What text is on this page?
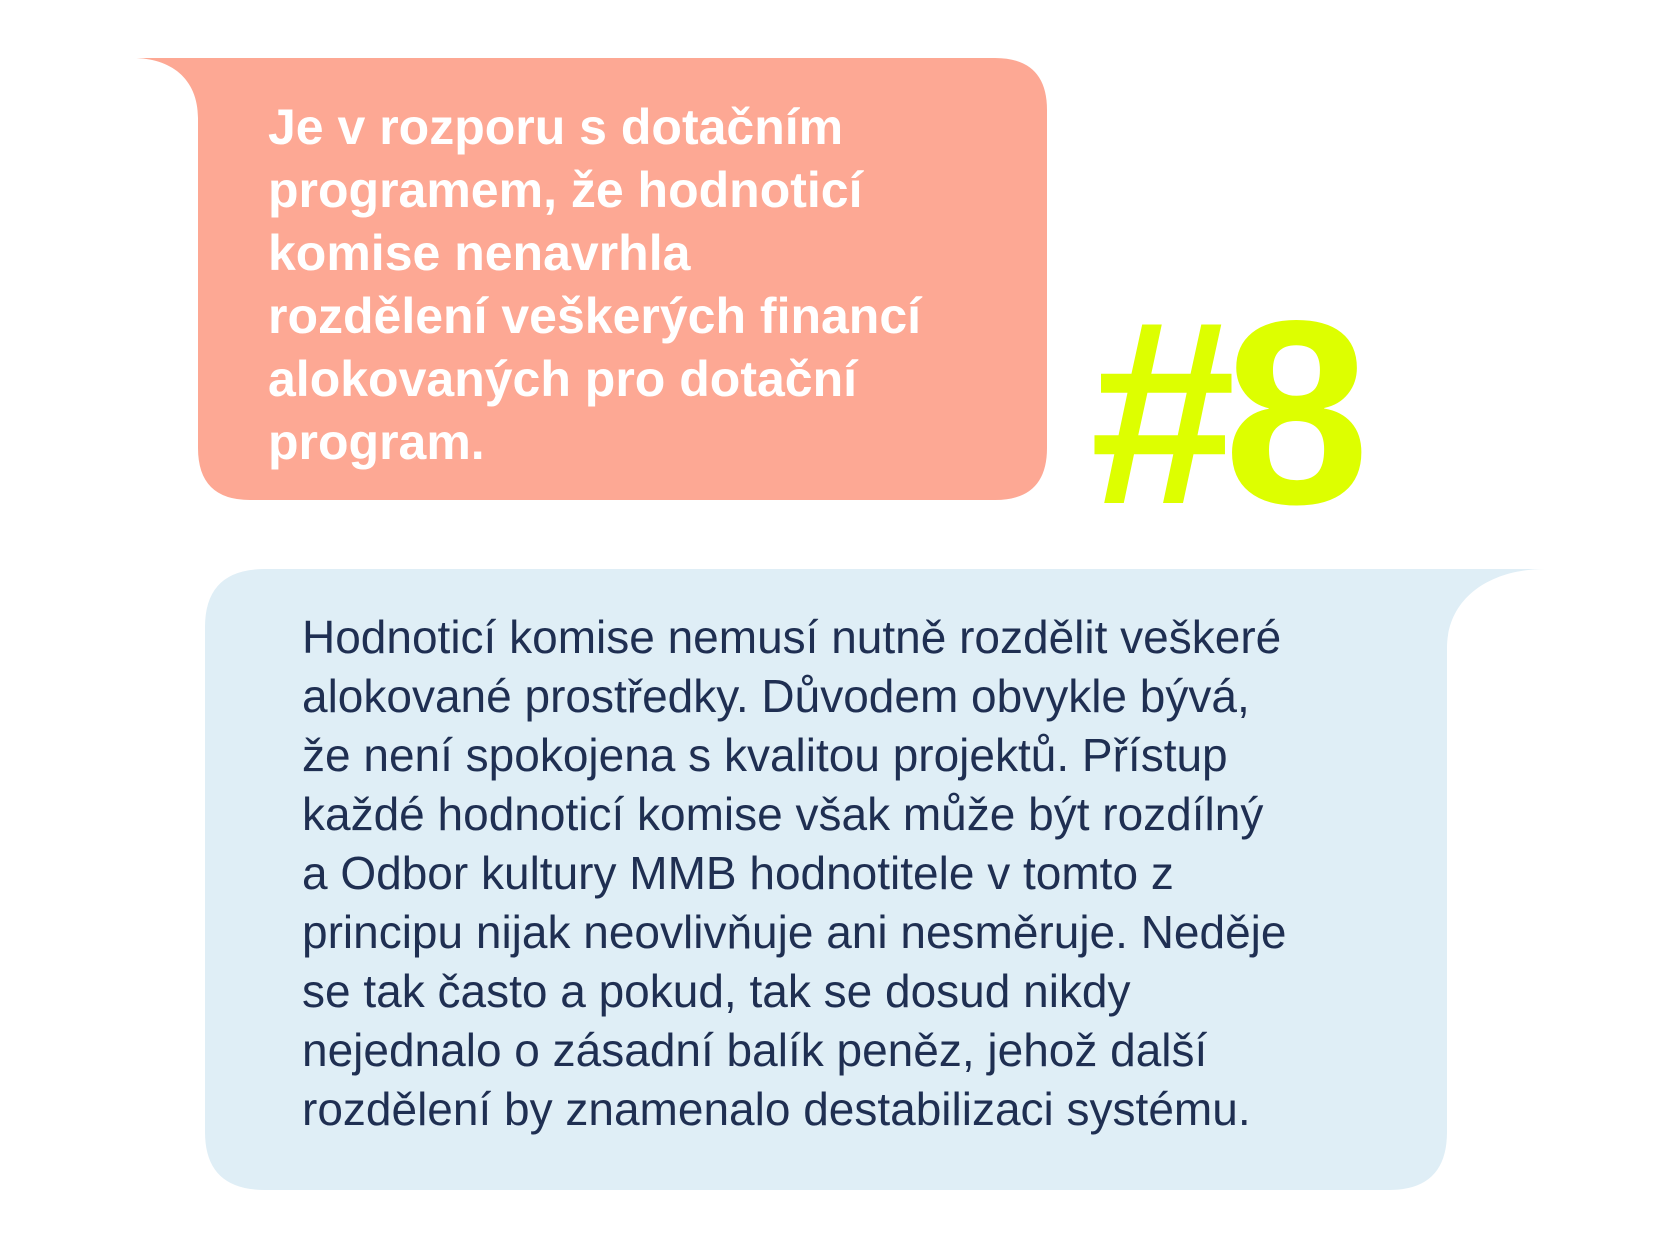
Je v rozporu s dotačním
programem, že hodnoticí
komise nenavrhla
rozdělení veškerých financí
alokovaných pro dotační
program.	#8

Hodnoticí komise nemusí nutně rozdělit veškeré
alokované prostředky. Důvodem obvykle bývá,
že není spokojena s kvalitou projektů. Přístup
každé hodnoticí komise však může být rozdílný
a Odbor kultury MMB hodnotitele v tomto z
principu nijak neovlivňuje ani nesměruje. Neděje
se tak často a pokud, tak se dosud nikdy
nejednalo o zásadní balík peněz, jehož další
rozdělení by znamenalo destabilizaci systému.
